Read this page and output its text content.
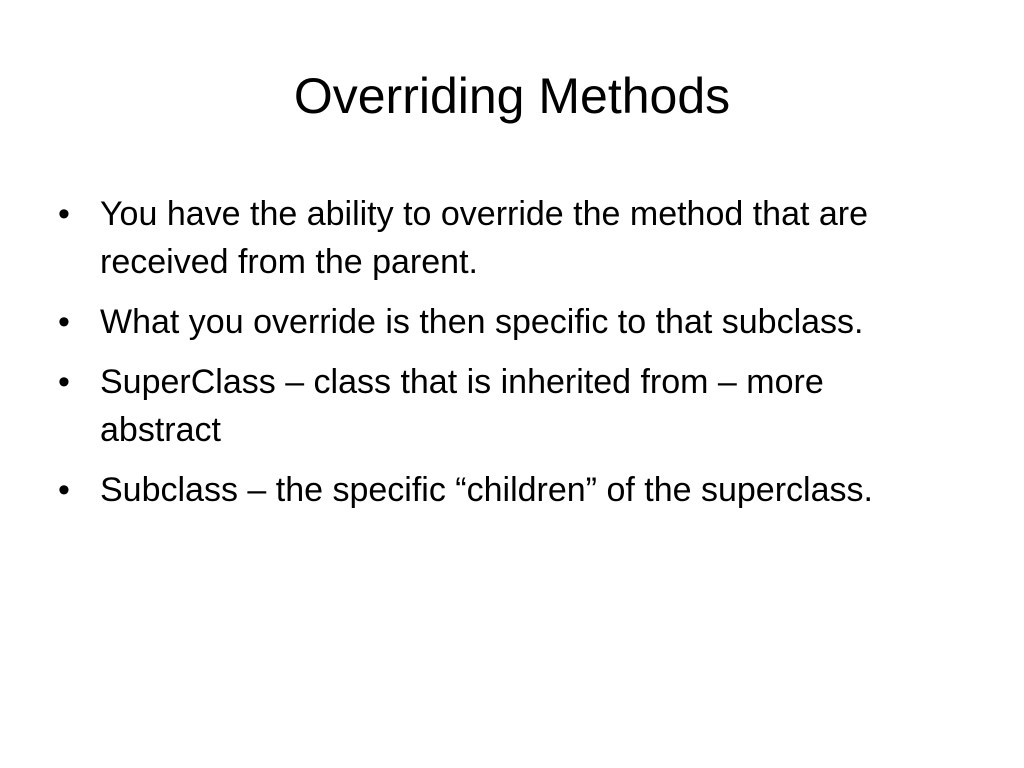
Overriding Methods
• You have the ability to override the method that are received from the parent.
• What you override is then specific to that subclass.
• SuperClass – class that is inherited from – more abstract
• Subclass – the specific “children” of the superclass.
